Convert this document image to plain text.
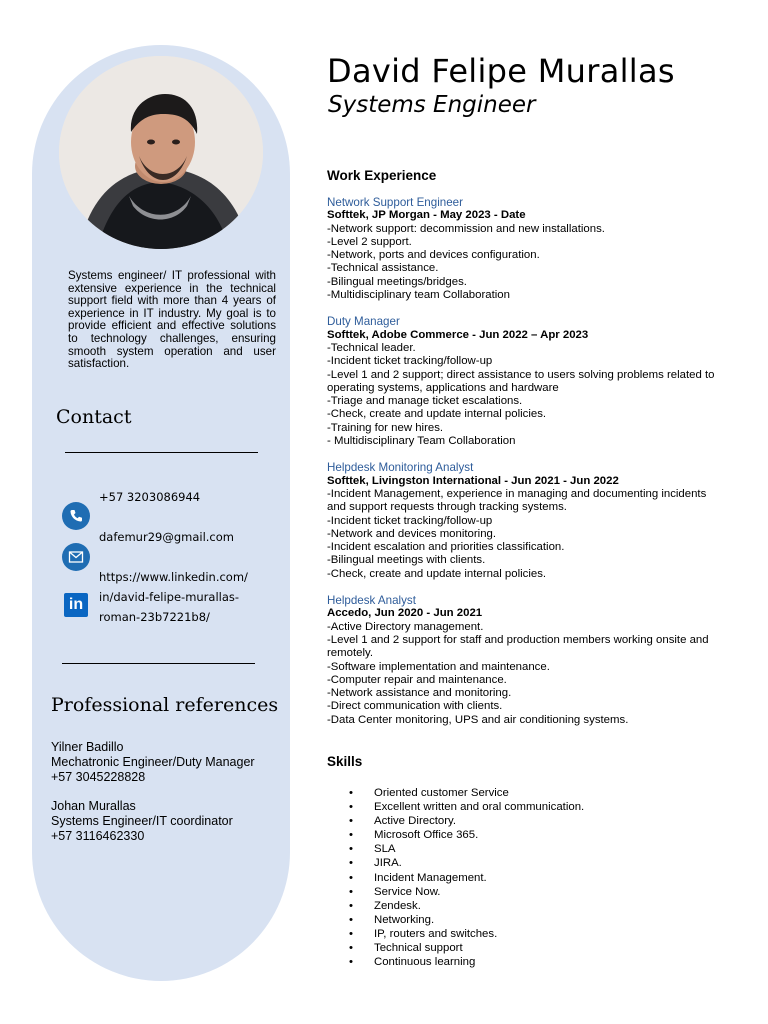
Systems engineer/ IT professional with extensive experience in the technical support field with more than 4 years of experience in IT industry. My goal is to provide efficient and effective solutions to technology challenges, ensuring smooth system operation and user satisfaction.
Contact
+57 3203086944
dafemur29@gmail.com
in
https://www.linkedin.com/
in/david-felipe-murallas-
roman-23b7221b8/
Professional references
Yilner Badillo
Mechatronic Engineer/Duty Manager
+57 3045228828
Johan Murallas
Systems Engineer/IT coordinator
+57 3116462330
David Felipe Murallas
Systems Engineer
Work Experience
Network Support Engineer
Softtek, JP Morgan - May 2023 - Date
-Network support: decommission and new installations.
-Level 2 support.
-Network, ports and devices configuration.
-Technical assistance.
-Bilingual meetings/bridges.
-Multidisciplinary team Collaboration
Duty Manager
Softtek, Adobe Commerce - Jun 2022 – Apr 2023
-Technical leader.
-Incident ticket tracking/follow-up
-Level 1 and 2 support; direct assistance to users solving problems related to operating systems, applications and hardware
-Triage and manage ticket escalations.
-Check, create and update internal policies.
-Training for new hires.
- Multidisciplinary Team Collaboration
Helpdesk Monitoring Analyst
Softtek, Livingston International - Jun 2021 - Jun 2022
-Incident Management, experience in managing and documenting incidents and support requests through tracking systems.
-Incident ticket tracking/follow-up
-Network and devices monitoring.
-Incident escalation and priorities classification.
-Bilingual meetings with clients.
-Check, create and update internal policies.
Helpdesk Analyst
Accedo, Jun 2020 - Jun 2021
-Active Directory management.
-Level 1 and 2 support for staff and production members working onsite and remotely.
-Software implementation and maintenance.
-Computer repair and maintenance.
-Network assistance and monitoring.
-Direct communication with clients.
-Data Center monitoring, UPS and air conditioning systems.
Skills
• Oriented customer Service
• Excellent written and oral communication.
• Active Directory.
• Microsoft Office 365.
• SLA
• JIRA.
• Incident Management.
• Service Now.
• Zendesk.
• Networking.
• IP, routers and switches.
• Technical support
• Continuous learning
